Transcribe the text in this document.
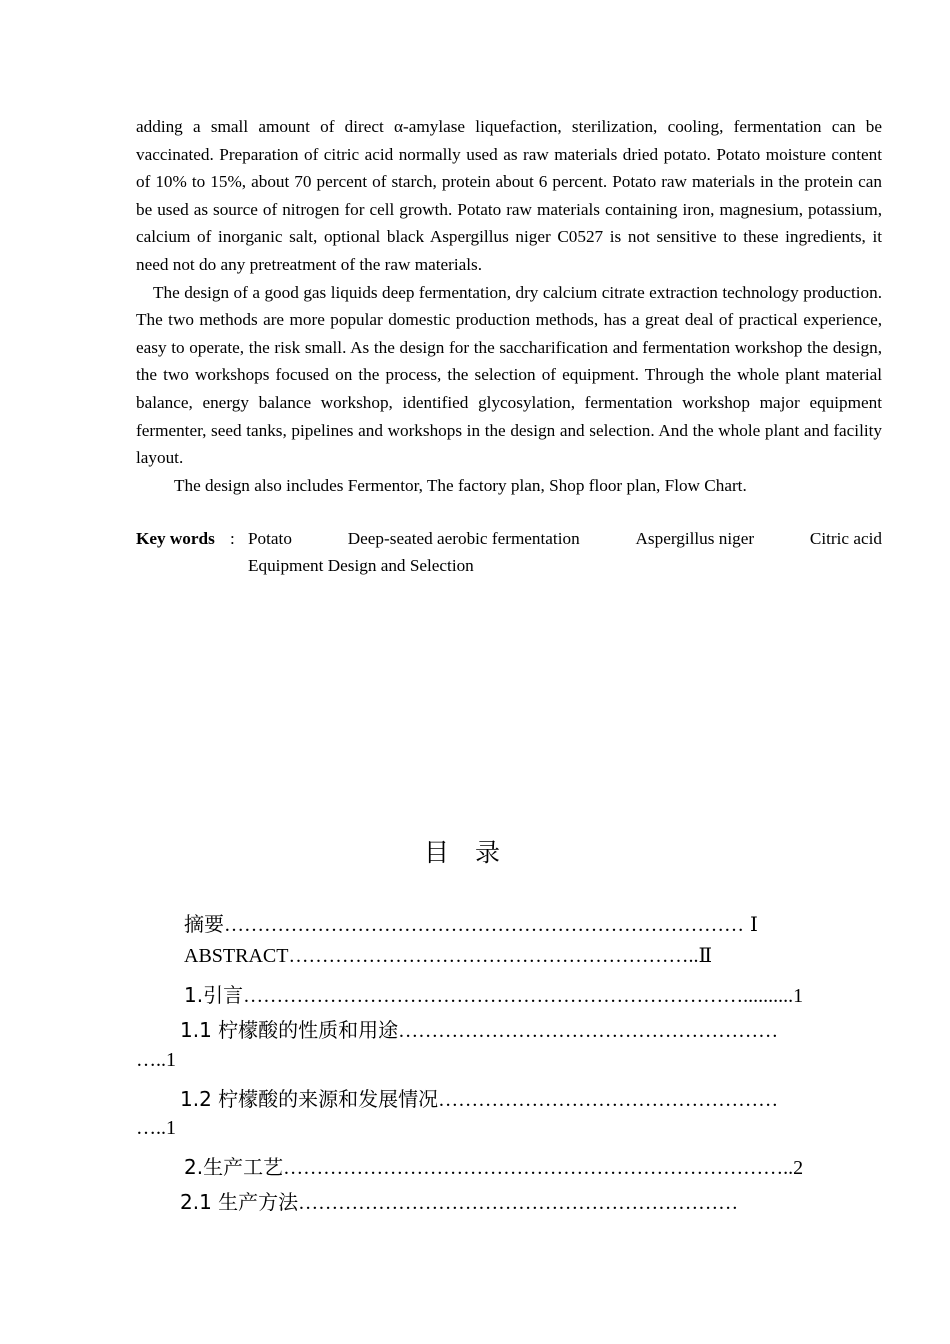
adding a small amount of direct α-amylase liquefaction, sterilization, cooling, fermentation can be vaccinated. Preparation of citric acid normally used as raw materials dried potato. Potato moisture content of 10% to 15%, about 70 percent of starch, protein about 6 percent. Potato raw materials in the protein can be used as source of nitrogen for cell growth. Potato raw materials containing iron, magnesium, potassium, calcium of inorganic salt, optional black Aspergillus niger C0527 is not sensitive to these ingredients, it need not do any pretreatment of the raw materials.

The design of a good gas liquids deep fermentation, dry calcium citrate extraction technology production. The two methods are more popular domestic production methods, has a great deal of practical experience, easy to operate, the risk small. As the design for the saccharification and fermentation workshop the design, the two workshops focused on the process, the selection of equipment. Through the whole plant material balance, energy balance workshop, identified glycosylation, fermentation workshop major equipment fermenter, seed tanks, pipelines and workshops in the design and selection. And the whole plant and facility layout.

The design also includes Fermentor, The factory plan, Shop floor plan, Flow Chart.

Key words : Potato	Deep-seated aerobic fermentation	Aspergillus niger	Citric acid
Equipment Design and Selection
目 录
摘要…………………………………………………………………… Ⅰ
ABSTRACT……………………………………………………..Ⅱ
1.引言…………………………………………………………………..........1
1.1 柠檬酸的性质和用途…………………………………………………
…..1
1.2 柠檬酸的来源和发展情况……………………………………………
…..1
2.生产工艺…………………………………………………………………..2
2.1 生产方法…………………………………………………………
